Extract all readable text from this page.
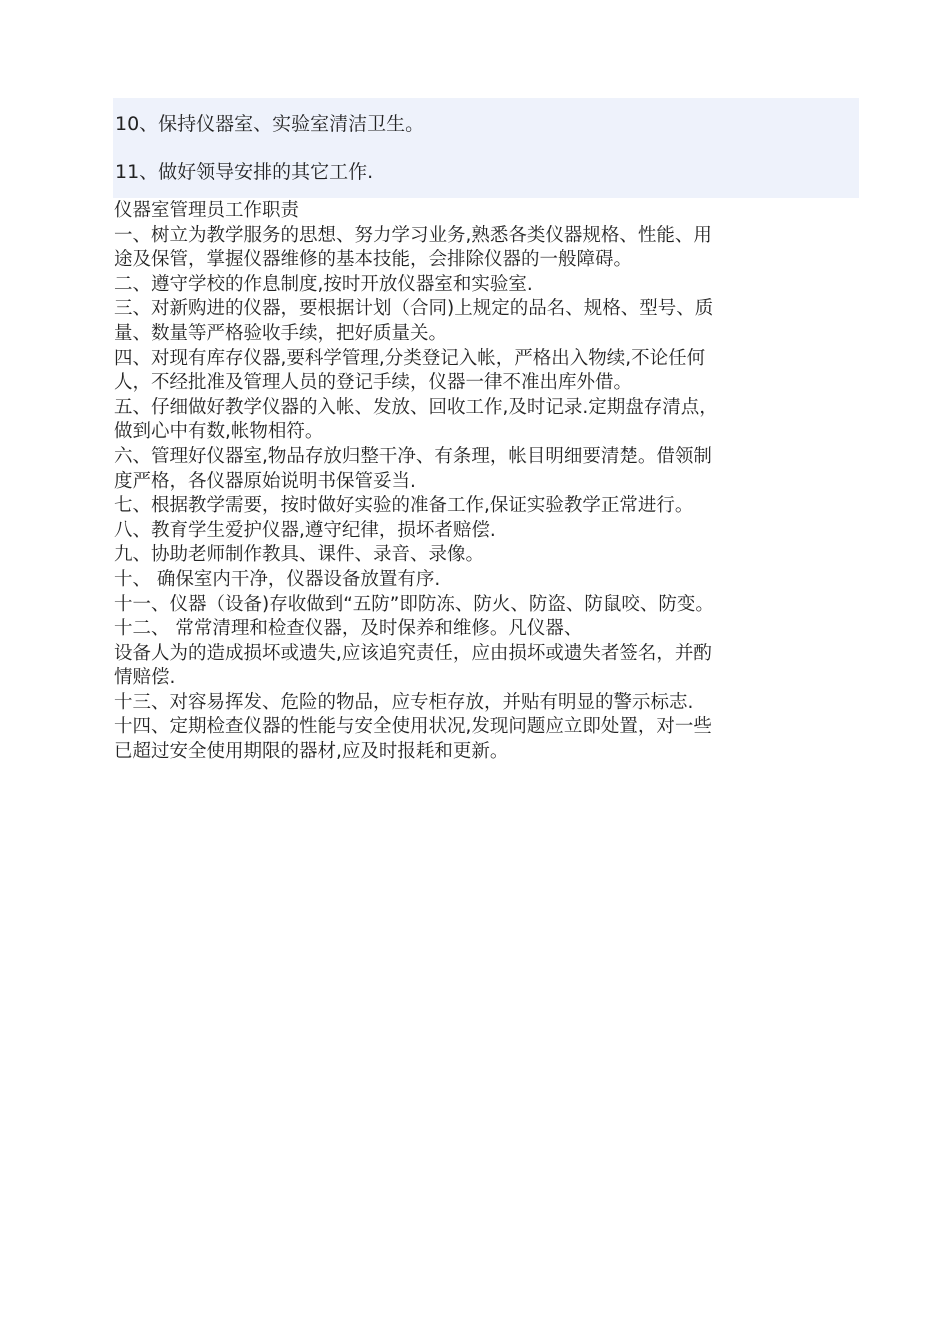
10、保持仪器室、实验室清洁卫生。
11、做好领导安排的其它工作.

仪器室管理员工作职责

一、树立为教学服务的思想、努力学习业务,熟悉各类仪器规格、性能、用

途及保管，掌握仪器维修的基本技能，会排除仪器的一般障碍。

二、遵守学校的作息制度,按时开放仪器室和实验室.

三、对新购进的仪器，要根据计划（合同)上规定的品名、规格、型号、质

量、数量等严格验收手续，把好质量关。

四、对现有库存仪器,要科学管理,分类登记入帐，严格出入物续,不论任何

人，不经批准及管理人员的登记手续，仪器一律不准出库外借。

五、仔细做好教学仪器的入帐、发放、回收工作,及时记录.定期盘存清点，

做到心中有数,帐物相符。

六、管理好仪器室,物品存放归整干净、有条理，帐目明细要清楚。借领制

度严格，各仪器原始说明书保管妥当.

七、根据教学需要，按时做好实验的准备工作,保证实验教学正常进行。

八、教育学生爱护仪器,遵守纪律，损坏者赔偿.

九、协助老师制作教具、课件、录音、录像。

十、 确保室内干净，仪器设备放置有序.

十一、仪器（设备)存收做到“五防”即防冻、防火、防盗、防鼠咬、防变。

十二、 常常清理和检查仪器，及时保养和维修。凡仪器、

设备人为的造成损坏或遗失,应该追究责任，应由损坏或遗失者签名，并酌

情赔偿.

十三、对容易挥发、危险的物品，应专柜存放，并贴有明显的警示标志.

十四、定期检查仪器的性能与安全使用状况,发现问题应立即处置，对一些

已超过安全使用期限的器材,应及时报耗和更新。
